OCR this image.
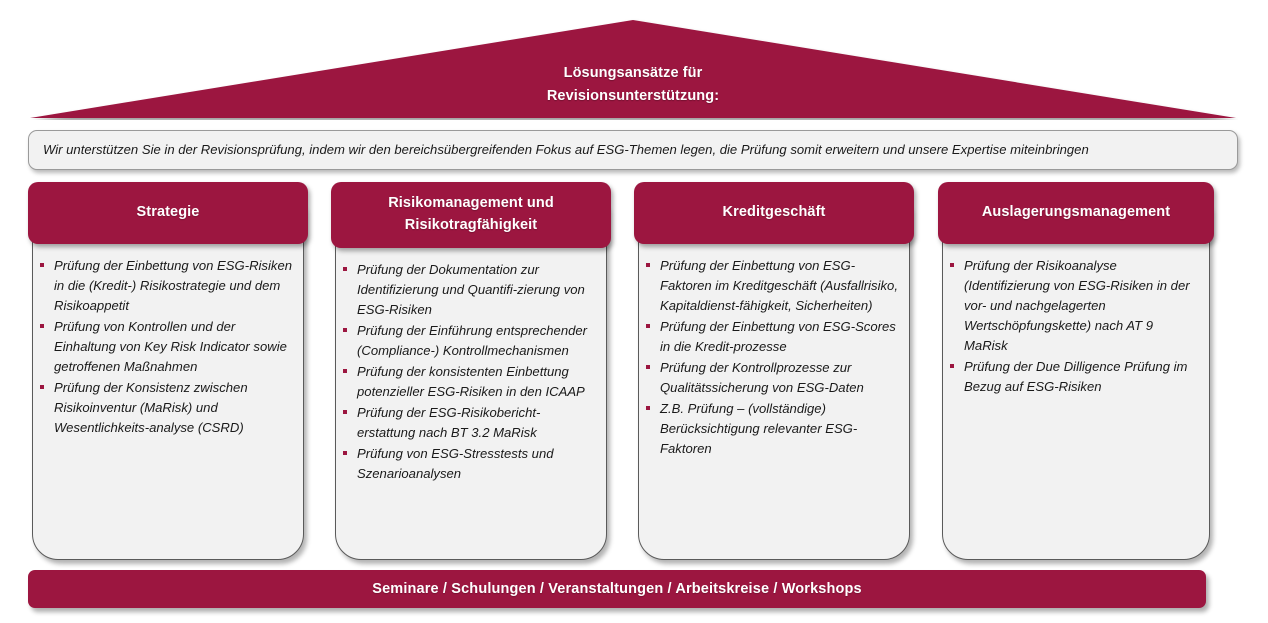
Lösungsansätze für
Revisionsunterstützung:
Wir unterstützen Sie in der Revisionsprüfung, indem wir den bereichsübergreifenden Fokus auf ESG-Themen legen, die Prüfung somit erweitern und unsere Expertise miteinbringen
Strategie
Prüfung der Einbettung von ESG-Risiken in die (Kredit-) Risikostrategie und dem Risikoappetit
Prüfung von Kontrollen und der Einhaltung von Key Risk Indicator sowie getroffenen Maßnahmen
Prüfung der Konsistenz zwischen Risikoinventur (MaRisk) und Wesentlichkeits-analyse (CSRD)
Risikomanagement und Risikotragfähigkeit
Prüfung der Dokumentation zur Identifizierung und Quantifi-zierung von ESG-Risiken
Prüfung der Einführung entsprechender (Compliance-) Kontrollmechanismen
Prüfung der konsistenten Einbettung potenzieller ESG-Risiken in den ICAAP
Prüfung der ESG-Risikobericht-erstattung nach BT 3.2 MaRisk
Prüfung von ESG-Stresstests und Szenarioanalysen
Kreditgeschäft
Prüfung der Einbettung von ESG-Faktoren im Kreditgeschäft (Ausfallrisiko, Kapitaldienst-fähigkeit, Sicherheiten)
Prüfung der Einbettung von ESG-Scores in die Kredit-prozesse
Prüfung der Kontrollprozesse zur Qualitätssicherung von ESG-Daten
Z.B. Prüfung – (vollständige) Berücksichtigung relevanter ESG-Faktoren
Auslagerungsmanagement
Prüfung der Risikoanalyse (Identifizierung von ESG-Risiken in der vor- und nachgelagerten Wertschöpfungskette) nach AT 9 MaRisk
Prüfung der Due Dilligence Prüfung im Bezug auf ESG-Risiken
Seminare / Schulungen / Veranstaltungen / Arbeitskreise / Workshops
